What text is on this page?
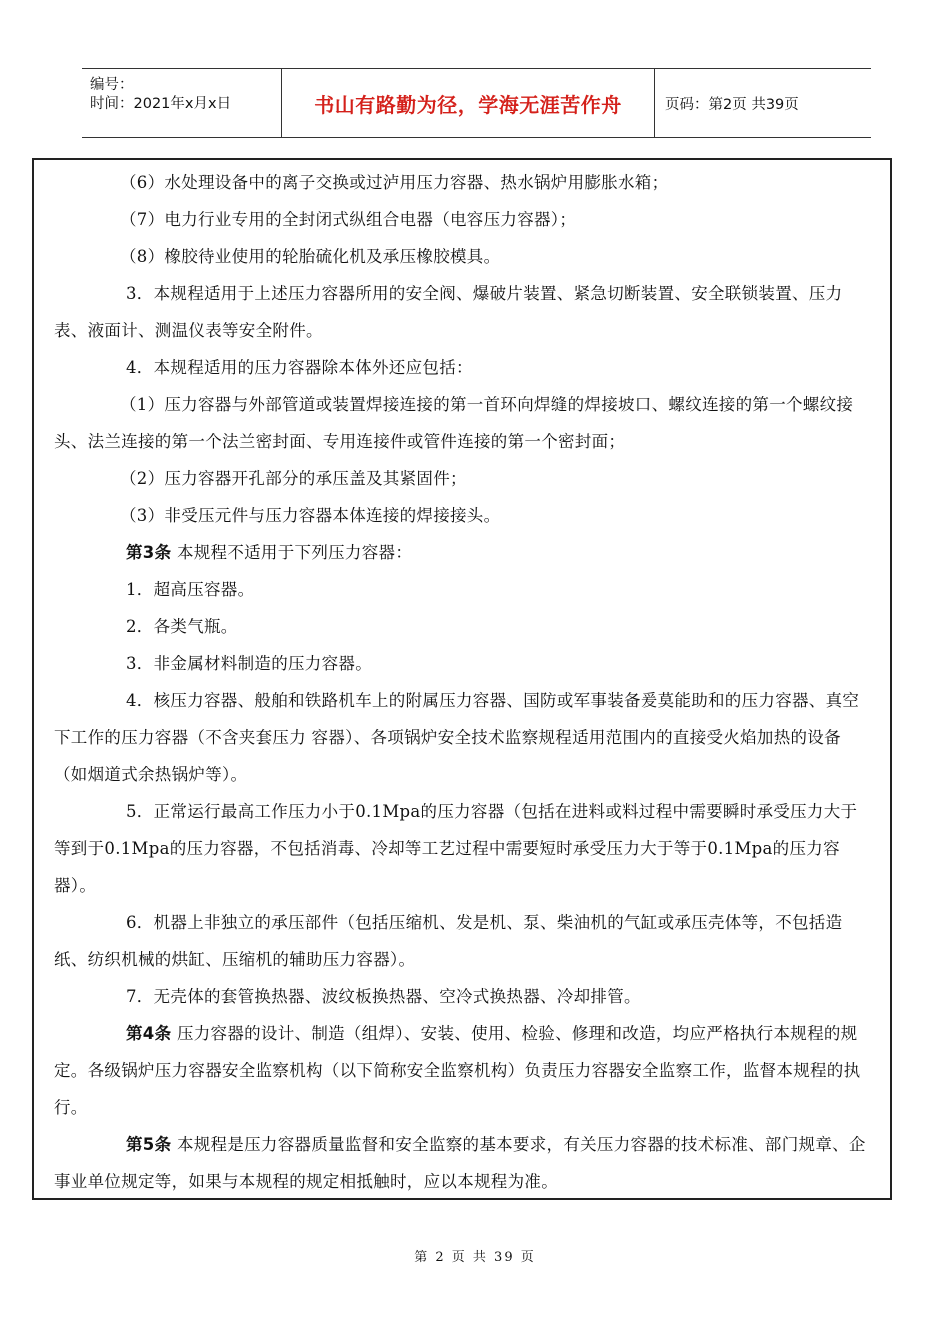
编号：
时间：2021年x月x日	书山有路勤为径，学海无涯苦作舟	页码：第2页 共39页

（6）水处理设备中的离子交换或过泸用压力容器、热水锅炉用膨胀水箱；

（7）电力行业专用的全封闭式纵组合电器（电容压力容器）；

（8）橡胶待业使用的轮胎硫化机及承压橡胶模具。

3．本规程适用于上述压力容器所用的安全阀、爆破片装置、紧急切断装置、安全联锁装置、压力表、液面计、测温仪表等安全附件。

4．本规程适用的压力容器除本体外还应包括：

（1）压力容器与外部管道或装置焊接连接的第一首环向焊缝的焊接坡口、螺纹连接的第一个螺纹接头、法兰连接的第一个法兰密封面、专用连接件或管件连接的第一个密封面；

（2）压力容器开孔部分的承压盖及其紧固件；

（3）非受压元件与压力容器本体连接的焊接接头。

第3条 本规程不适用于下列压力容器：

1．超高压容器。

2．各类气瓶。

3．非金属材料制造的压力容器。

4．核压力容器、般舶和铁路机车上的附属压力容器、国防或军事装备爰莫能助和的压力容器、真空下工作的压力容器（不含夹套压力 容器）、各项锅炉安全技术监察规程适用范围内的直接受火焰加热的设备（如烟道式余热锅炉等）。

5．正常运行最高工作压力小于0.1Mpa的压力容器（包括在进料或料过程中需要瞬时承受压力大于等到于0.1Mpa的压力容器，不包括消毒、冷却等工艺过程中需要短时承受压力大于等于0.1Mpa的压力容器）。

6．机器上非独立的承压部件（包括压缩机、发是机、泵、柴油机的气缸或承压壳体等，不包括造纸、纺织机械的烘缸、压缩机的辅助压力容器）。

7．无壳体的套管换热器、波纹板换热器、空冷式换热器、冷却排管。

第4条 压力容器的设计、制造（组焊）、安装、使用、检验、修理和改造，均应严格执行本规程的规定。各级锅炉压力容器安全监察机构（以下简称安全监察机构）负责压力容器安全监察工作，监督本规程的执行。

第5条 本规程是压力容器质量监督和安全监察的基本要求，有关压力容器的技术标准、部门规章、企事业单位规定等，如果与本规程的规定相抵触时，应以本规程为准。

第 2 页 共 39 页
